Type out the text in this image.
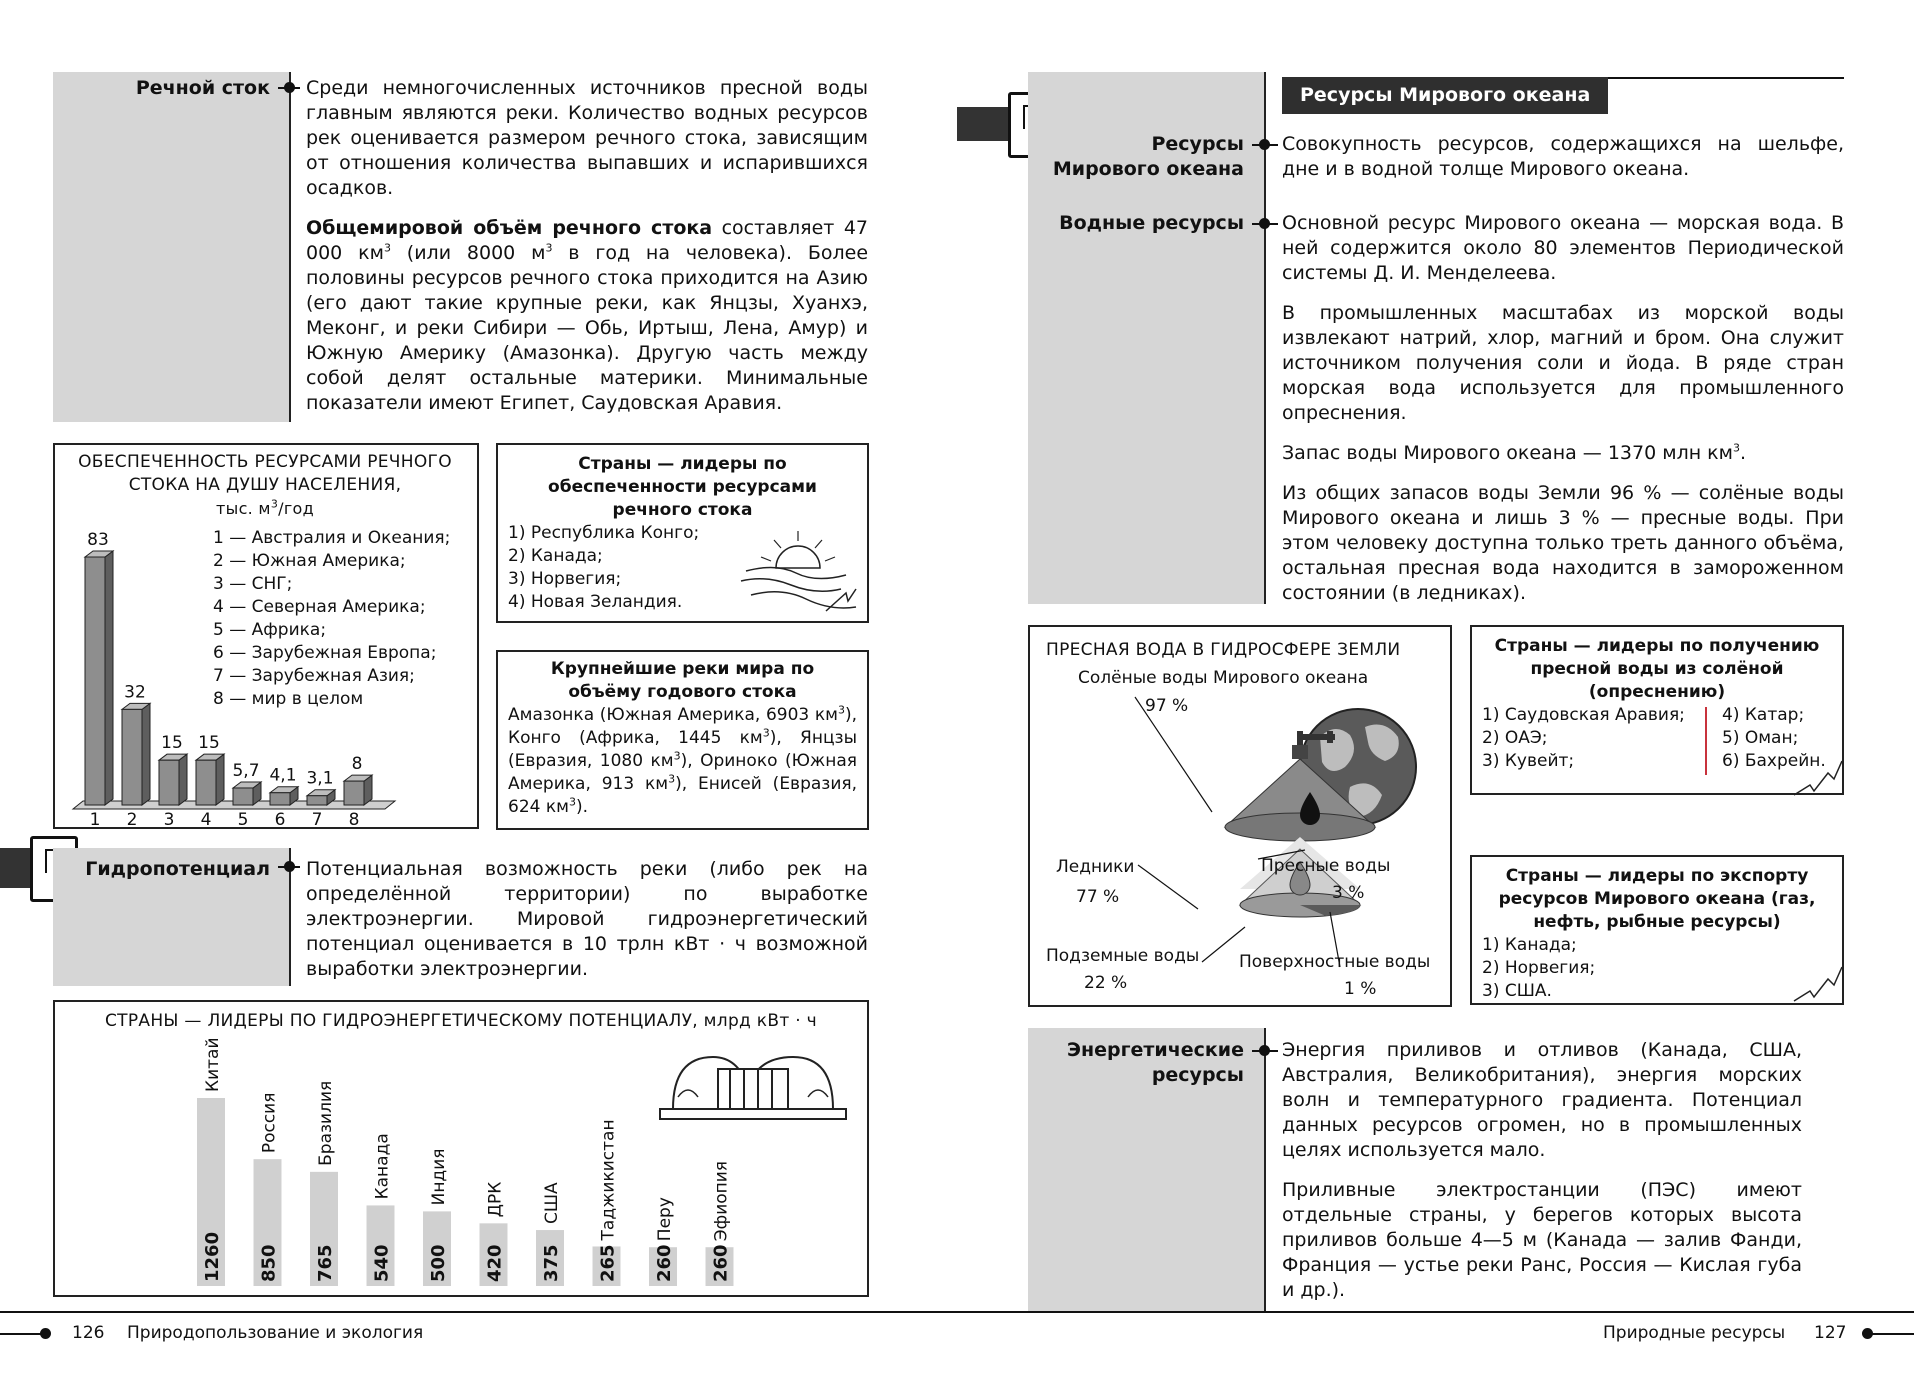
Речной сток Среди немногочисленных источников пресной воды главным являются реки. Количество водных ресурсов рек оценивается размером речного стока, зависящим от отношения количества выпавших и испарившихся осадков.

Общемировой объём речного стока составляет 47 000 $км^3$ (или 8000 $м^3$ в год на человека). Более половины ресурсов речного стока приходится на Азию (его дают такие крупные реки, как Янцзы, Хуанхэ, Меконг, и реки Сибири — Обь, Иртыш, Лена, Амур) и Южную Америку (Амазонка). Другую часть между собой делят остальные материки. Минимальные показатели имеют Египет, Саудовская Аравия.

ОБЕСПЕЧЕННОСТЬ РЕСУРСАМИ РЕЧНОГО
СТОКА НА ДУШУ НАСЕЛЕНИЯ,
тыс. $м^3$/год
1 — Австралия и Океания;
2 — Южная Америка;
3 — СНГ;
4 — Северная Америка;
5 — Африка;
6 — Зарубежная Европа;
7 — Зарубежная Азия;
8 — мир в целом
83
1
32
2
15
3
15
4
5,7
5
4,1
6
3,1
7
8
8
Страны — лидеры по обеспеченности ресурсами речного стока
1) Республика Конго;
2) Канада;
3) Норвегия;
4) Новая Зеландия.
Крупнейшие реки мира по объёму годового стока
Амазонка (Южная Америка, 6903 $км^3$), Конго (Африка, 1445 $км^3$), Янцзы (Евразия, 1080 $км^3$), Ориноко (Южная Америка, 913 $км^3$), Енисей (Евразия, 624 $км^3$).
Гидропотенциал Потенциальная возможность реки (либо рек на определённой территории) по выработке электроэнергии. Мировой гидроэнергетический потенциал оценивается в 10 трлн кВт · ч возможной выработки электроэнергии.
СТРАНЫ — ЛИДЕРЫ ПО ГИДРОЭНЕРГЕТИЧЕСКОМУ ПОТЕНЦИАЛУ, млрд кВт · ч
1260
Китай
850
Россия
765
Бразилия
540
Канада
500
Индия
420
ДРК
375
США
265
Таджикистан
260
Перу
260
Эфиопия
126 Природопользование и экология
Ресурсы Мирового океана
Ресурсы
Мирового океана
Совокупность ресурсов, содержащихся на шельфе, дне и в водной толще Мирового океана.
Водные ресурсы Основной ресурс Мирового океана — морская вода. В ней содержится около 80 элементов Периодической системы Д. И. Менделеева.

В промышленных масштабах из морской воды извлекают натрий, хлор, магний и бром. Она служит источником получения соли и йода. В ряде стран морская вода используется для промышленного опреснения.

Запас воды Мирового океана — 1370 млн $км^3$.

Из общих запасов воды Земли 96 % — солёные воды Мирового океана и лишь 3 % — пресные воды. При этом человеку доступна только треть данного объёма, остальная пресная вода находится в замороженном состоянии (в ледниках).

ПРЕСНАЯ ВОДА В ГИДРОСФЕРЕ ЗЕМЛИ
Солёные воды Мирового океана
97 %
Ледники
77 %
Пресные воды
3 %
Подземные воды
22 %
Поверхностные воды
1 %
Страны — лидеры по получению пресной воды из солёной (опреснению)
1) Саудовская Аравия;
2) ОАЭ;
3) Кувейт;
4) Катар;
5) Оман;
6) Бахрейн.
Страны — лидеры по экспорту ресурсов Мирового океана (газ, нефть, рыбные ресурсы)
1) Канада;
2) Норвегия;
3) США.
Энергетические
ресурсы

Энергия приливов и отливов (Канада, США, Австралия, Великобритания), энергия морских волн и температурного градиента. Потенциал данных ресурсов огромен, но в промышленных целях используется мало.

Приливные электростанции (ПЭС) имеют отдельные страны, у берегов которых высота приливов больше 4—5 м (Канада — залив Фанди, Франция — устье реки Ранс, Россия — Кислая губа и др.).

Природные ресурсы 127
